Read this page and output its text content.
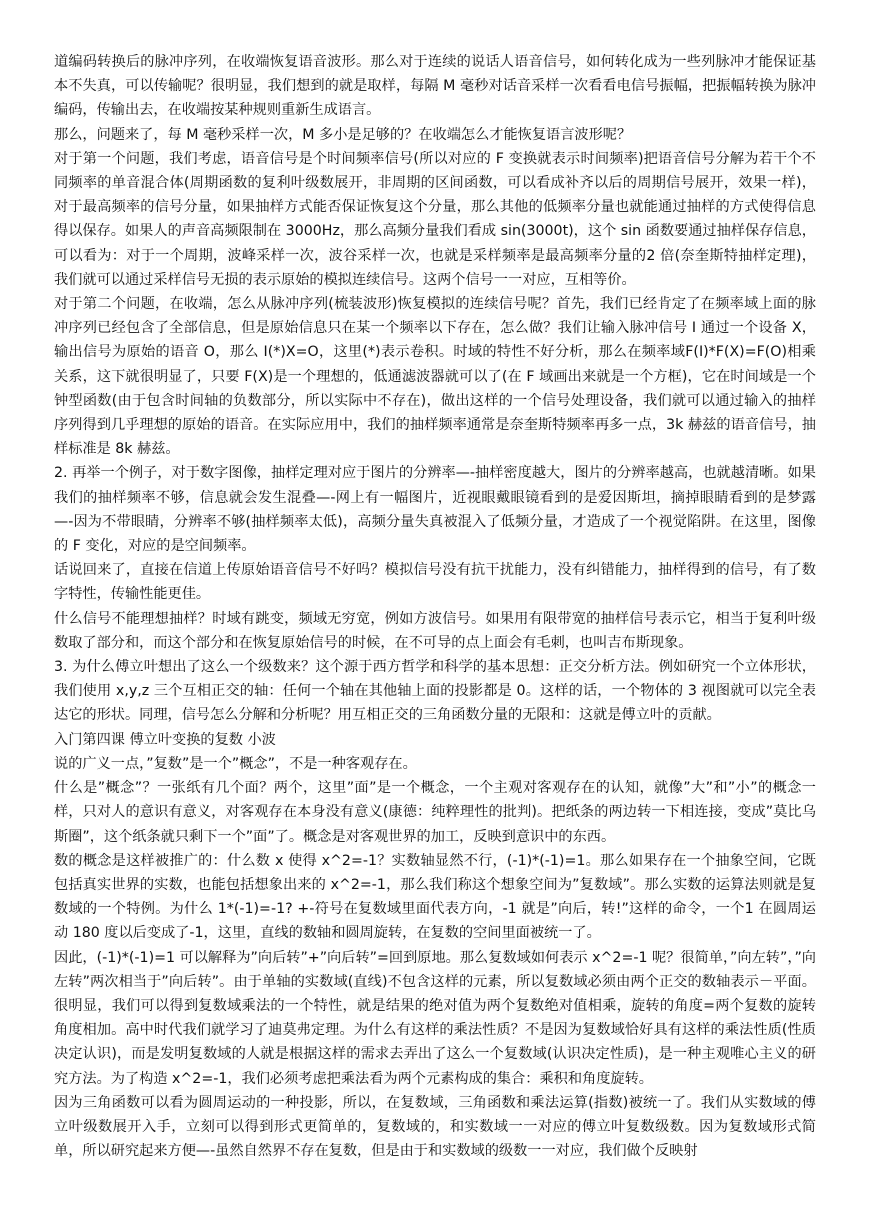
道编码转换后的脉冲序列，在收端恢复语音波形。那么对于连续的说话人语音信号，如何转化成为一些列脉冲才能保证基本不失真，可以传输呢？很明显，我们想到的就是取样，每隔 M 毫秒对话音采样一次看看电信号振幅，把振幅转换为脉冲编码，传输出去，在收端按某种规则重新生成语言。

那么，问题来了，每 M 毫秒采样一次，M 多小是足够的？在收端怎么才能恢复语言波形呢？

对于第一个问题，我们考虑，语音信号是个时间频率信号(所以对应的 F 变换就表示时间频率)把语音信号分解为若干个不同频率的单音混合体(周期函数的复利叶级数展开，非周期的区间函数，可以看成补齐以后的周期信号展开，效果一样)，对于最高频率的信号分量，如果抽样方式能否保证恢复这个分量，那么其他的低频率分量也就能通过抽样的方式使得信息得以保存。如果人的声音高频限制在 3000Hz，那么高频分量我们看成 sin(3000t)，这个 sin 函数要通过抽样保存信息，可以看为：对于一个周期，波峰采样一次，波谷采样一次，也就是采样频率是最高频率分量的2 倍(奈奎斯特抽样定理)，我们就可以通过采样信号无损的表示原始的模拟连续信号。这两个信号一一对应，互相等价。

对于第二个问题，在收端，怎么从脉冲序列(梳装波形)恢复模拟的连续信号呢？首先，我们已经肯定了在频率域上面的脉冲序列已经包含了全部信息，但是原始信息只在某一个频率以下存在，怎么做？我们让输入脉冲信号 I 通过一个设备 X，输出信号为原始的语音 O，那么 I(*)X=O，这里(*)表示卷积。时域的特性不好分析，那么在频率域F(I)*F(X)=F(O)相乘关系，这下就很明显了，只要 F(X)是一个理想的，低通滤波器就可以了(在 F 域画出来就是一个方框)，它在时间域是一个钟型函数(由于包含时间轴的负数部分，所以实际中不存在)，做出这样的一个信号处理设备，我们就可以通过输入的抽样序列得到几乎理想的原始的语音。在实际应用中，我们的抽样频率通常是奈奎斯特频率再多一点，3k 赫兹的语音信号，抽样标准是 8k 赫兹。

2. 再举一个例子，对于数字图像，抽样定理对应于图片的分辨率—-抽样密度越大，图片的分辨率越高，也就越清晰。如果我们的抽样频率不够，信息就会发生混叠—-网上有一幅图片，近视眼戴眼镜看到的是爱因斯坦，摘掉眼睛看到的是梦露—-因为不带眼睛，分辨率不够(抽样频率太低)，高频分量失真被混入了低频分量，才造成了一个视觉陷阱。在这里，图像的 F 变化，对应的是空间频率。

话说回来了，直接在信道上传原始语音信号不好吗？模拟信号没有抗干扰能力，没有纠错能力，抽样得到的信号，有了数字特性，传输性能更佳。

什么信号不能理想抽样？时域有跳变，频域无穷宽，例如方波信号。如果用有限带宽的抽样信号表示它，相当于复利叶级数取了部分和，而这个部分和在恢复原始信号的时候，在不可导的点上面会有毛刺，也叫吉布斯现象。

3. 为什么傅立叶想出了这么一个级数来？这个源于西方哲学和科学的基本思想：正交分析方法。例如研究一个立体形状，我们使用 x,y,z 三个互相正交的轴：任何一个轴在其他轴上面的投影都是 0。这样的话，一个物体的 3 视图就可以完全表达它的形状。同理，信号怎么分解和分析呢？用互相正交的三角函数分量的无限和：这就是傅立叶的贡献。

入门第四课 傅立叶变换的复数 小波

说的广义一点，”复数”是一个”概念”，不是一种客观存在。

什么是”概念”？一张纸有几个面？两个，这里”面”是一个概念，一个主观对客观存在的认知，就像”大”和”小”的概念一样，只对人的意识有意义，对客观存在本身没有意义(康德：纯粹理性的批判)。把纸条的两边转一下相连接，变成”莫比乌斯圈”，这个纸条就只剩下一个”面”了。概念是对客观世界的加工，反映到意识中的东西。

数的概念是这样被推广的：什么数 x 使得 x^2=-1？实数轴显然不行，(-1)*(-1)=1。那么如果存在一个抽象空间，它既包括真实世界的实数，也能包括想象出来的 x^2=-1，那么我们称这个想象空间为”复数域”。那么实数的运算法则就是复数域的一个特例。为什么 1*(-1)=-1? +-符号在复数域里面代表方向，-1 就是”向后，转!”这样的命令，一个1 在圆周运动 180 度以后变成了-1，这里，直线的数轴和圆周旋转，在复数的空间里面被统一了。

因此，(-1)*(-1)=1 可以解释为”向后转”+”向后转”=回到原地。那么复数域如何表示 x^2=-1 呢？很简单，”向左转”，”向左转”两次相当于”向后转”。由于单轴的实数域(直线)不包含这样的元素，所以复数域必须由两个正交的数轴表示－平面。很明显，我们可以得到复数域乘法的一个特性，就是结果的绝对值为两个复数绝对值相乘，旋转的角度=两个复数的旋转角度相加。高中时代我们就学习了迪莫弗定理。为什么有这样的乘法性质？不是因为复数域恰好具有这样的乘法性质(性质决定认识)，而是发明复数域的人就是根据这样的需求去弄出了这么一个复数域(认识决定性质)，是一种主观唯心主义的研究方法。为了构造 x^2=-1，我们必须考虑把乘法看为两个元素构成的集合：乘积和角度旋转。

因为三角函数可以看为圆周运动的一种投影，所以，在复数域，三角函数和乘法运算(指数)被统一了。我们从实数域的傅立叶级数展开入手，立刻可以得到形式更简单的，复数域的，和实数域一一对应的傅立叶复数级数。因为复数域形式简单，所以研究起来方便—-虽然自然界不存在复数，但是由于和实数域的级数一一对应，我们做个反映射
